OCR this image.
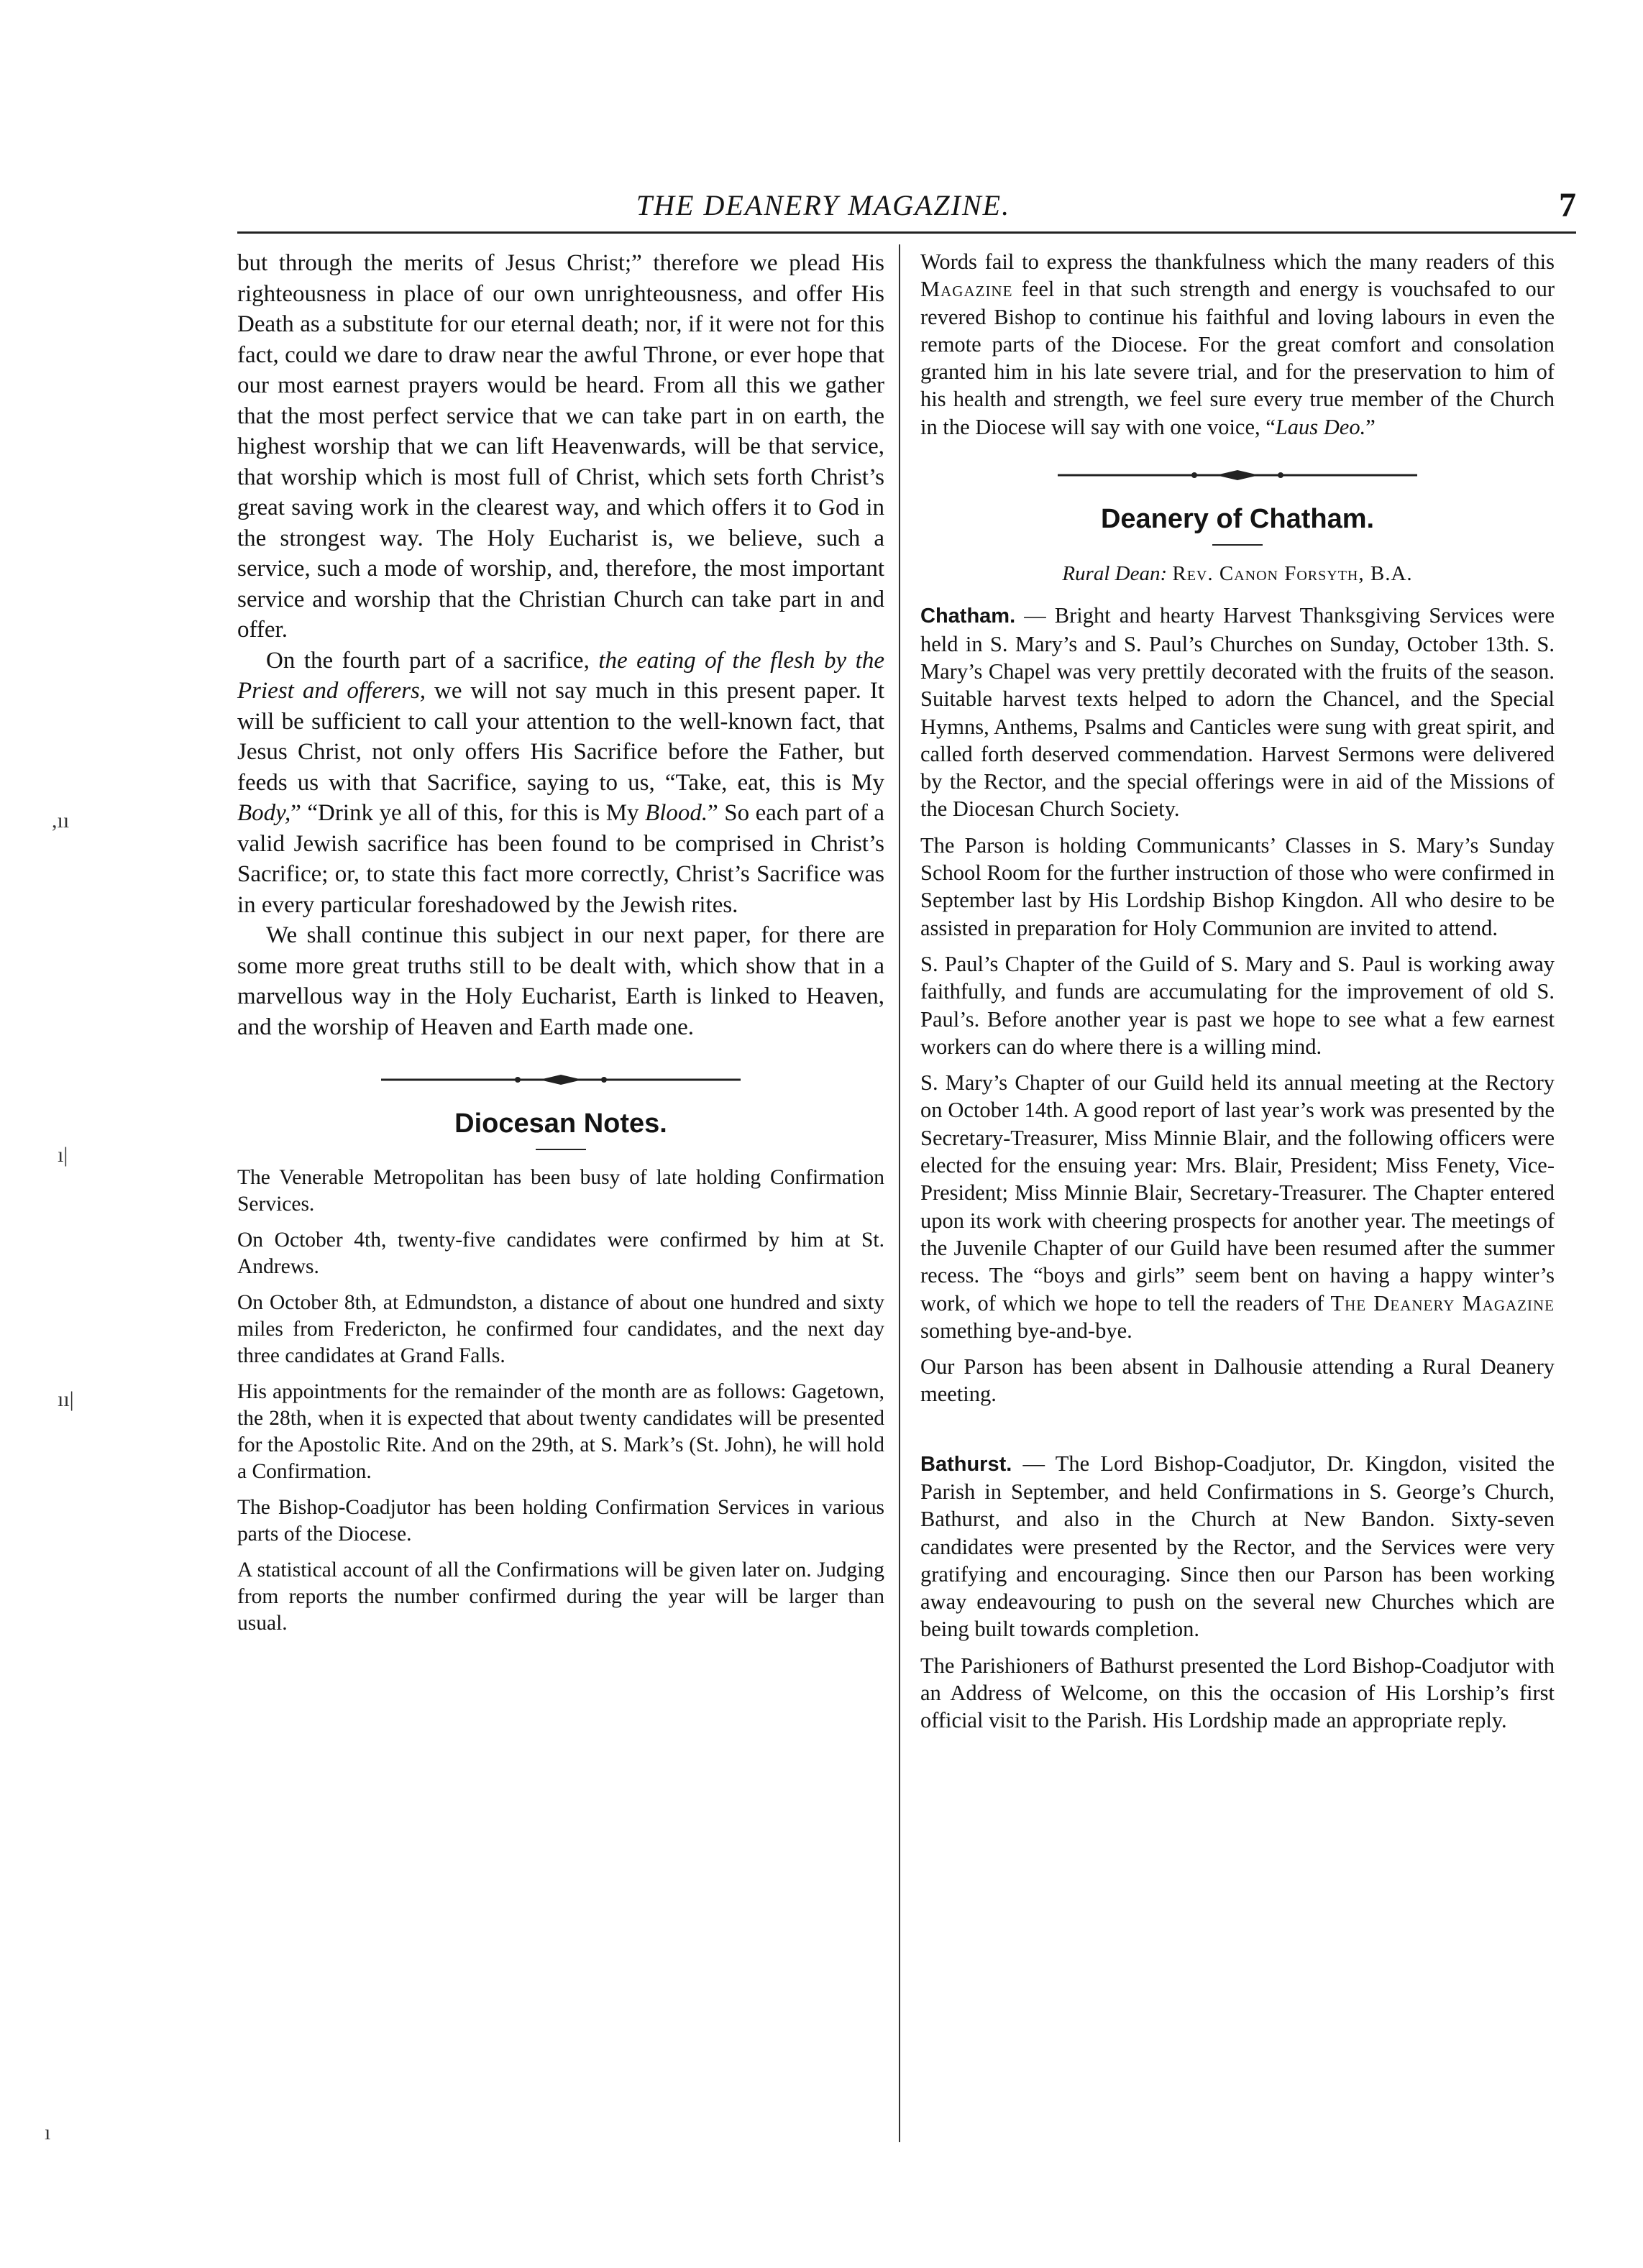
THE DEANERY MAGAZINE.	7
,ıı
ı|
ıı|
ı

but through the merits of Jesus Christ;” therefore we plead His righteousness in place of our own unrighteousness, and offer His Death as a substitute for our eternal death; nor, if it were not for this fact, could we dare to draw near the awful Throne, or ever hope that our most earnest prayers would be heard. From all this we gather that the most perfect service that we can take part in on earth, the highest worship that we can lift Heavenwards, will be that service, that worship which is most full of Christ, which sets forth Christ’s great saving work in the clearest way, and which offers it to God in the strongest way. The Holy Eucharist is, we believe, such a service, such a mode of worship, and, therefore, the most important service and worship that the Christian Church can take part in and offer.

On the fourth part of a sacrifice, the eating of the flesh by the Priest and offerers, we will not say much in this present paper. It will be sufficient to call your attention to the well-known fact, that Jesus Christ, not only offers His Sacrifice before the Father, but feeds us with that Sacrifice, saying to us, “Take, eat, this is My Body,” “Drink ye all of this, for this is My Blood.” So each part of a valid Jewish sacrifice has been found to be comprised in Christ’s Sacrifice; or, to state this fact more correctly, Christ’s Sacrifice was in every particular foreshadowed by the Jewish rites.

We shall continue this subject in our next paper, for there are some more great truths still to be dealt with, which show that in a marvellous way in the Holy Eucharist, Earth is linked to Heaven, and the worship of Heaven and Earth made one.

Diocesan Notes.

The Venerable Metropolitan has been busy of late holding Confirmation Services.

On October 4th, twenty-five candidates were confirmed by him at St. Andrews.

On October 8th, at Edmundston, a distance of about one hundred and sixty miles from Fredericton, he confirmed four candidates, and the next day three candidates at Grand Falls.

His appointments for the remainder of the month are as follows: Gagetown, the 28th, when it is expected that about twenty candidates will be presented for the Apostolic Rite. And on the 29th, at S. Mark’s (St. John), he will hold a Confirmation.

The Bishop-Coadjutor has been holding Confirmation Services in various parts of the Diocese.

A statistical account of all the Confirmations will be given later on. Judging from reports the number confirmed during the year will be larger than usual.

Words fail to express the thankfulness which the many readers of this Magazine feel in that such strength and energy is vouchsafed to our revered Bishop to continue his faithful and loving labours in even the remote parts of the Diocese. For the great comfort and consolation granted him in his late severe trial, and for the preservation to him of his health and strength, we feel sure every true member of the Church in the Diocese will say with one voice, “Laus Deo.”

Deanery of Chatham.

Rural Dean: Rev. Canon Forsyth, B.A.

Chatham. — Bright and hearty Harvest Thanksgiving Services were held in S. Mary’s and S. Paul’s Churches on Sunday, October 13th. S. Mary’s Chapel was very prettily decorated with the fruits of the season. Suitable harvest texts helped to adorn the Chancel, and the Special Hymns, Anthems, Psalms and Canticles were sung with great spirit, and called forth deserved commendation. Harvest Sermons were delivered by the Rector, and the special offerings were in aid of the Missions of the Diocesan Church Society.

The Parson is holding Communicants’ Classes in S. Mary’s Sunday School Room for the further instruction of those who were confirmed in September last by His Lordship Bishop Kingdon. All who desire to be assisted in preparation for Holy Communion are invited to attend.

S. Paul’s Chapter of the Guild of S. Mary and S. Paul is working away faithfully, and funds are accumulating for the improvement of old S. Paul’s. Before another year is past we hope to see what a few earnest workers can do where there is a willing mind.

S. Mary’s Chapter of our Guild held its annual meeting at the Rectory on October 14th. A good report of last year’s work was presented by the Secretary-Treasurer, Miss Minnie Blair, and the following officers were elected for the ensuing year: Mrs. Blair, President; Miss Fenety, Vice-President; Miss Minnie Blair, Secretary-Treasurer. The Chapter entered upon its work with cheering prospects for another year. The meetings of the Juvenile Chapter of our Guild have been resumed after the summer recess. The “boys and girls” seem bent on having a happy winter’s work, of which we hope to tell the readers of The Deanery Magazine something bye-and-bye.

Our Parson has been absent in Dalhousie attending a Rural Deanery meeting.

Bathurst. — The Lord Bishop-Coadjutor, Dr. Kingdon, visited the Parish in September, and held Confirmations in S. George’s Church, Bathurst, and also in the Church at New Bandon. Sixty-seven candidates were presented by the Rector, and the Services were very gratifying and encouraging. Since then our Parson has been working away endeavouring to push on the several new Churches which are being built towards completion.

The Parishioners of Bathurst presented the Lord Bishop-Coadjutor with an Address of Welcome, on this the occasion of His Lorship’s first official visit to the Parish. His Lordship made an appropriate reply.
